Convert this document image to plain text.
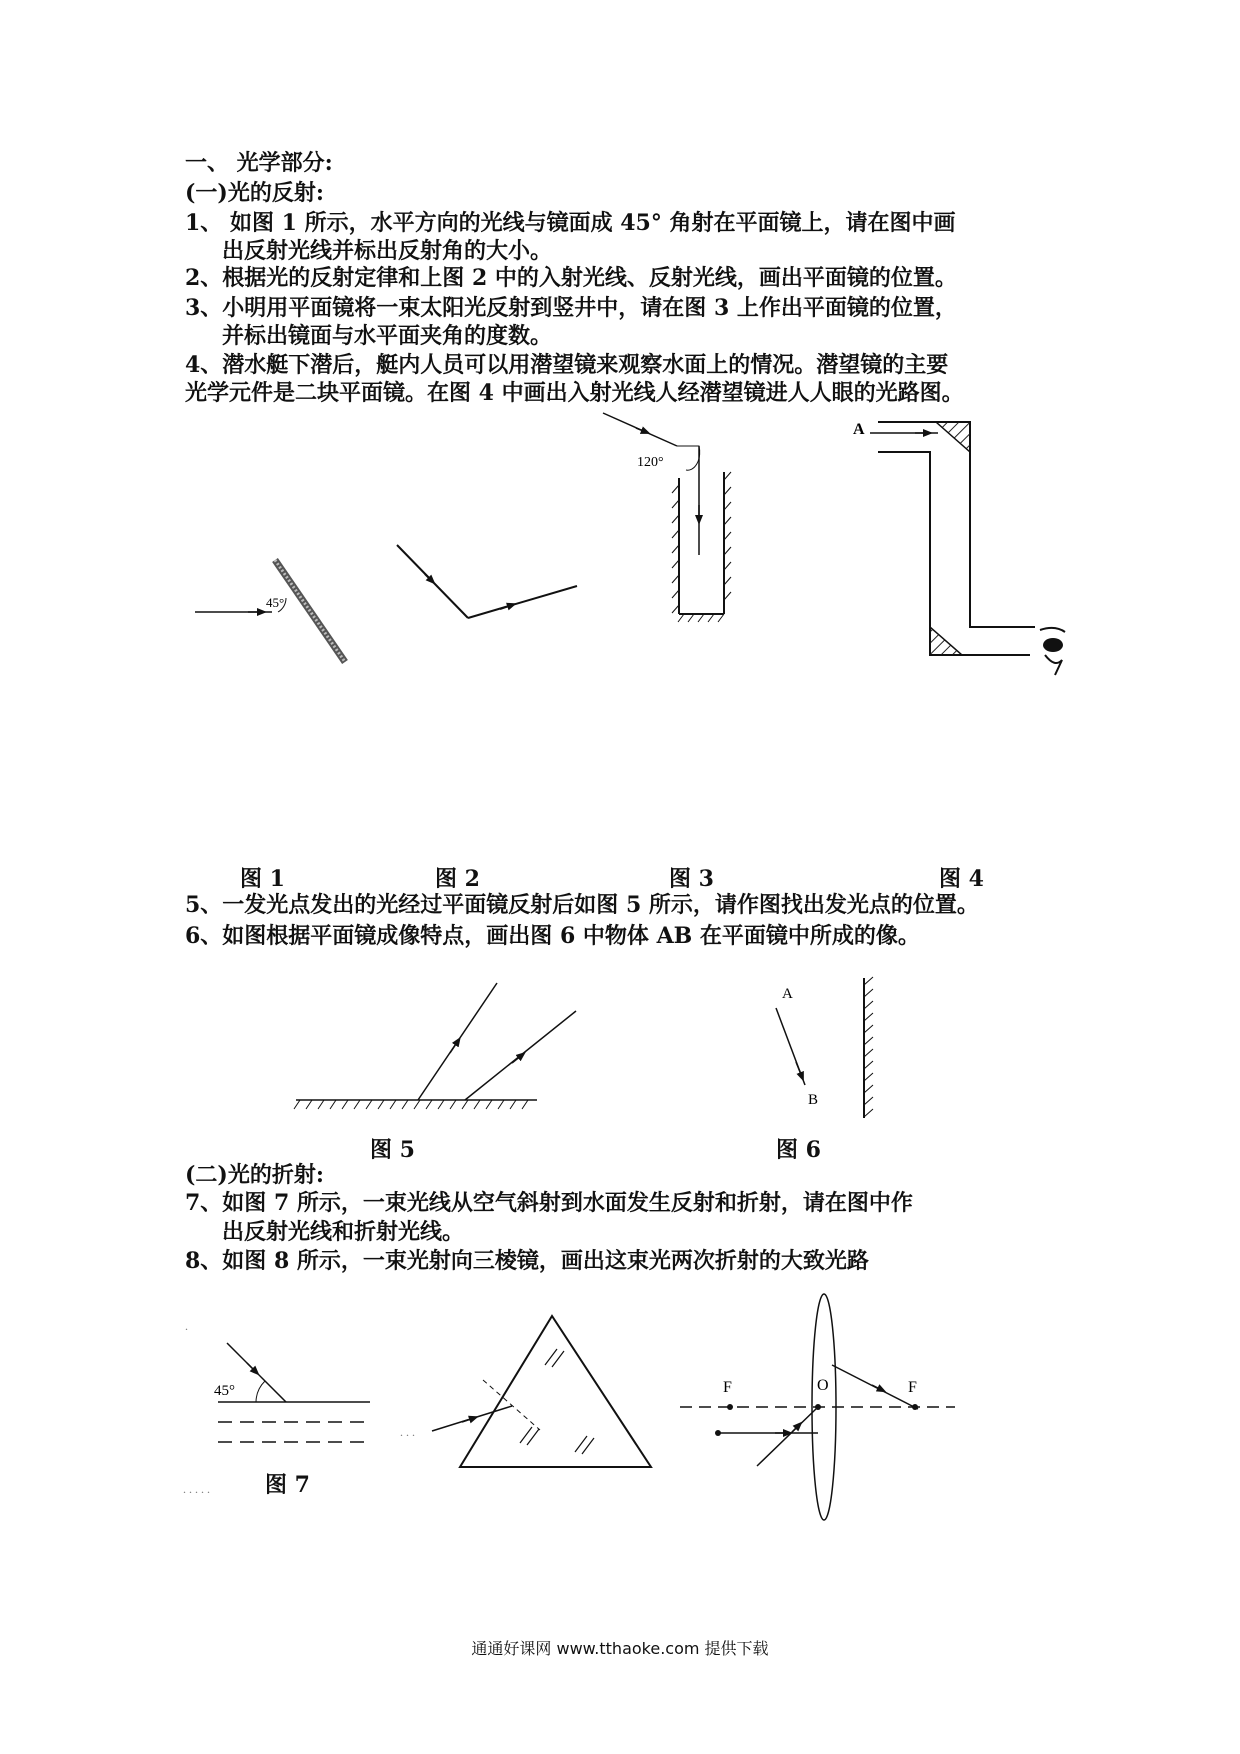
一、 光学部分:
(一)光的反射:
1、 如图 1 所示，水平方向的光线与镜面成 45° 角射在平面镜上，请在图中画
出反射光线并标出反射角的大小。
2、根据光的反射定律和上图 2 中的入射光线、反射光线，画出平面镜的位置。
3、小明用平面镜将一束太阳光反射到竖井中，请在图 3 上作出平面镜的位置，
并标出镜面与水平面夹角的度数。
4、潜水艇下潜后，艇内人员可以用潜望镜来观察水面上的情况。潜望镜的主要
光学元件是二块平面镜。在图 4 中画出入射光线人经潜望镜进人人眼的光路图。
图 1	图 2	图 3	图 4
5、一发光点发出的光经过平面镜反射后如图 5 所示，请作图找出发光点的位置。
6、如图根据平面镜成像特点，画出图 6 中物体 AB 在平面镜中所成的像。
图 5	图 6
(二)光的折射:
7、如图 7 所示，一束光线从空气斜射到水面发生反射和折射，请在图中作
出反射光线和折射光线。
8、如图 8 所示，一束光射向三棱镜，画出这束光两次折射的大致光路
图 7
通通好课网 www.tthaoke.com 提供下载
45°
120°
A
A
B
45°
.
. . .
F	O	F
. . . . .
